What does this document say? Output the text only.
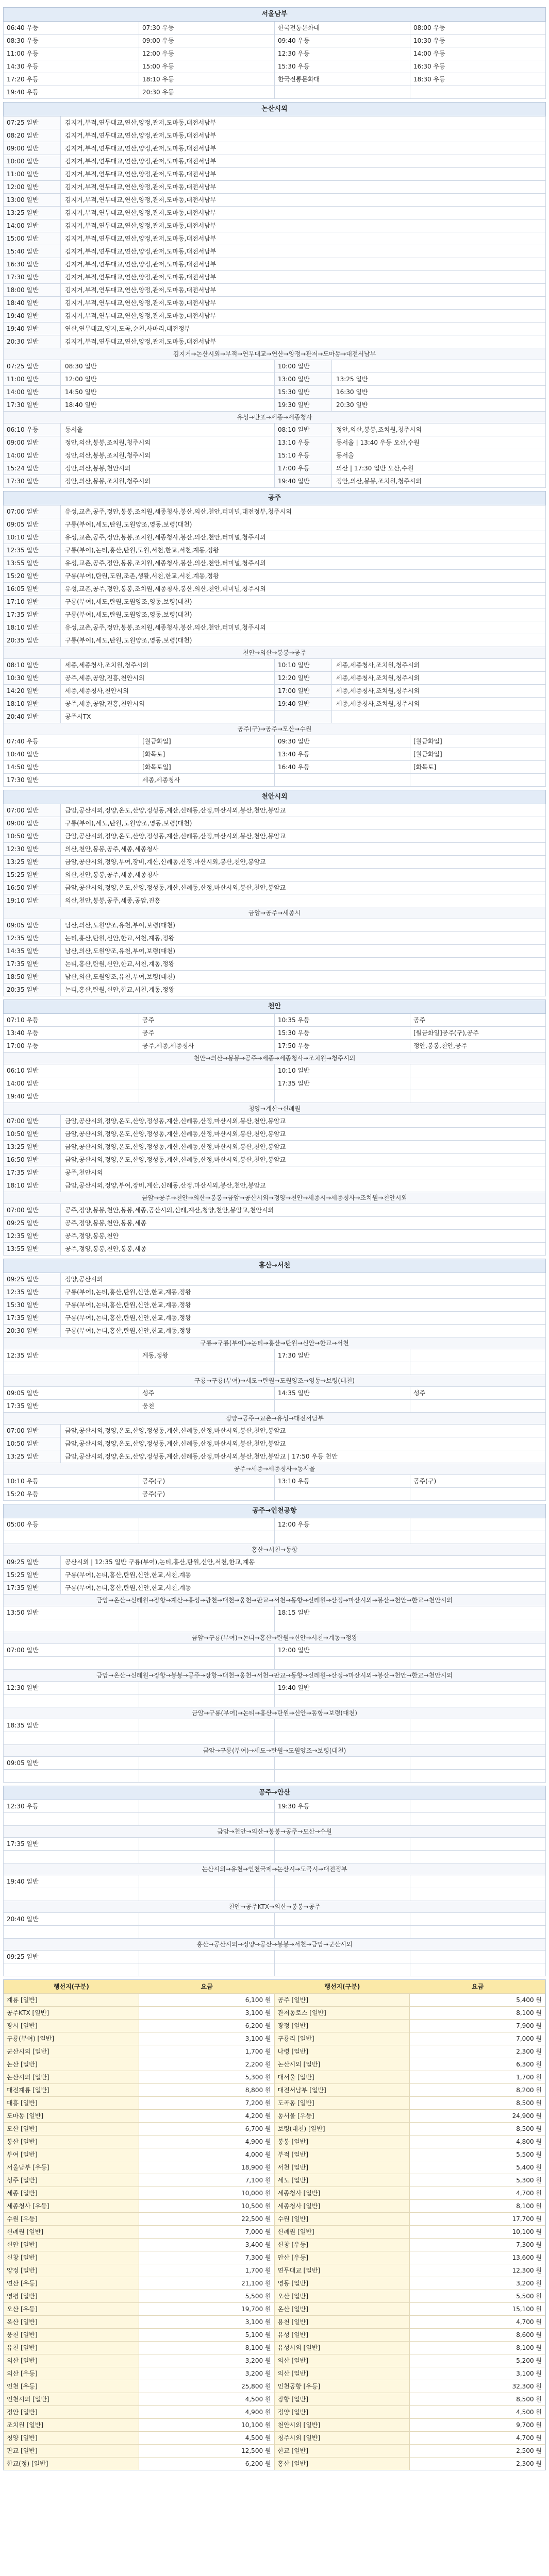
서울남부
06:40 우등	07:30 우등	한국전통문화대	08:00 우등
08:30 우등	09:00 우등	09:40 우등	10:30 우등
11:00 우등	12:00 우등	12:30 우등	14:00 우등
14:30 우등	15:00 우등	15:30 우등	16:30 우등
17:20 우등	18:10 우등	한국전통문화대	18:30 우등
19:40 우등	20:30 우등
논산시외
07:25 일반	김지거,부적,연무대교,연산,양정,관저,도마동,대전서남부
08:20 일반	김지거,부적,연무대교,연산,양정,관저,도마동,대전서남부
09:00 일반	김지거,부적,연무대교,연산,양정,관저,도마동,대전서남부
10:00 일반	김지거,부적,연무대교,연산,양정,관저,도마동,대전서남부
11:00 일반	김지거,부적,연무대교,연산,양정,관저,도마동,대전서남부
12:00 일반	김지거,부적,연무대교,연산,양정,관저,도마동,대전서남부
13:00 일반	김지거,부적,연무대교,연산,양정,관저,도마동,대전서남부
13:25 일반	김지거,부적,연무대교,연산,양정,관저,도마동,대전서남부
14:00 일반	김지거,부적,연무대교,연산,양정,관저,도마동,대전서남부
15:00 일반	김지거,부적,연무대교,연산,양정,관저,도마동,대전서남부
15:40 일반	김지거,부적,연무대교,연산,양정,관저,도마동,대전서남부
16:30 일반	김지거,부적,연무대교,연산,양정,관저,도마동,대전서남부
17:30 일반	김지거,부적,연무대교,연산,양정,관저,도마동,대전서남부
18:00 일반	김지거,부적,연무대교,연산,양정,관저,도마동,대전서남부
18:40 일반	김지거,부적,연무대교,연산,양정,관저,도마동,대전서남부
19:40 일반	김지거,부적,연무대교,연산,양정,관저,도마동,대전서남부
19:40 일반	연산,연무대교,양지,도곡,순천,사마리,대전정부
20:30 일반	김지거,부적,연무대교,연산,양정,관저,도마동,대전서남부
김지거→논산시외→부적→연무대교→연산→양정→관저→도마동→대전서남부
07:25 일반	08:30 일반	10:00 일반
11:00 일반	12:00 일반	13:00 일반	13:25 일반
14:00 일반	14:50 일반	15:30 일반	16:30 일반
17:30 일반	18:40 일반	19:30 일반	20:30 일반
유성→반포→세종→세종청사
06:10 우등	동서울	08:10 일반	정안,의산,봉봉,조치원,청주시외
09:00 일반	정안,의산,봉봉,조치원,청주시외	13:10 우등	동서울 | 13:40 우등 오산,수원
14:00 일반	정안,의산,봉봉,조치원,청주시외	15:10 우등	동서울
15:24 일반	정안,의산,봉봉,천안시외	17:00 우등	의산 | 17:30 일반 오산,수원
17:30 일반	정안,의산,봉봉,조치원,청주시외	19:40 일반	정안,의산,봉봉,조치원,청주시외
공주
07:00 일반	유성,교촌,공주,정안,봉봉,조치원,세종청사,봉산,의산,천안,터미널,대전정부,청주시외
09:05 일반	구룡(부여),세도,탄원,도원양조,영동,보령(대천)
10:10 일반	유성,교촌,공주,정안,봉봉,조치원,세종청사,봉산,의산,천안,터미널,청주시외
12:35 일반	구룡(부여),논티,홍산,탄원,도원,서천,한교,서천,계동,정왕
13:55 일반	유성,교촌,공주,정안,봉봉,조치원,세종청사,봉산,의산,천안,터미널,청주시외
15:20 일반	구룡(부여),탄원,도원,조촌,생활,서천,한교,서천,계동,정왕
16:05 일반	유성,교촌,공주,정안,봉봉,조치원,세종청사,봉산,의산,천안,터미널,청주시외
17:10 일반	구룡(부여),세도,탄원,도원양조,영동,보령(대천)
17:35 일반	구룡(부여),세도,탄원,도원양조,영동,보령(대천)
18:10 일반	유성,교촌,공주,정안,봉봉,조치원,세종청사,봉산,의산,천안,터미널,청주시외
20:35 일반	구룡(부여),세도,탄원,도원양조,영동,보령(대천)
천안→의산→봉봉→공주
08:10 일반	세종,세종청사,조치원,청주시외	10:10 일반	세종,세종청사,조치원,청주시외
10:30 일반	공주,세종,공암,진흥,천안시외	12:20 일반	세종,세종청사,조치원,청주시외
14:20 일반	세종,세종청사,천안시외	17:00 일반	세종,세종청사,조치원,청주시외
18:10 일반	공주,세종,공암,진흥,천안시외	19:40 일반	세종,세종청사,조치원,청주시외
20:40 일반	공주시TX
공주(구)→공주→모산→수원
07:40 우등	[월금화일]	09:30 일반	[월금화일]
10:40 일반	[화목토]	13:40 우등	[월금화일]
14:50 일반	[화목토일]	16:40 우등	[화목토]
17:30 일반	세종,세종청사
천안시외
07:00 일반	금암,공산시외,정양,온도,산양,정성동,계산,신례동,산정,마산시외,봉산,천안,봉암교
09:00 일반	구룡(부여),세도,탄원,도원양조,영동,보령(대천)
10:50 일반	금암,공산시외,정양,온도,산양,정성동,계산,신례동,산정,마산시외,봉산,천안,봉암교
12:30 일반	의산,천안,봉봉,공주,세종,세종청사
13:25 일반	금암,공산시외,정양,부여,장비,계산,신례동,산정,마산시외,봉산,천안,봉암교
15:25 일반	의산,천안,봉봉,공주,세종,세종청사
16:50 일반	금암,공산시외,정양,온도,산양,정성동,계산,신례동,산정,마산시외,봉산,천안,봉암교
19:10 일반	의산,천안,봉봉,공주,세종,공암,진흥
금암→공주→세종시
09:05 일반	남산,의산,도원양조,유천,부여,보령(대천)
12:35 일반	논티,홍산,탄원,신안,한교,서천,계동,정왕
14:35 일반	남산,의산,도원양조,유천,부여,보령(대천)
17:35 일반	논티,홍산,탄원,신안,한교,서천,계동,정왕
18:50 일반	남산,의산,도원양조,유천,부여,보령(대천)
20:35 일반	논티,홍산,탄원,신안,한교,서천,계동,정왕
천안
07:10 우등	공주	10:35 우등	공주
13:40 우등	공주	15:30 우등	[월금화일]공주(구),공주
17:00 우등	공주,세종,세종청사	17:50 우등	정안,봉봉,천안,공주
천안→의산→봉봉→공주→세종→세종청사→조치원→청주시외
06:10 일반	10:10 일반
14:00 일반	17:35 일반
19:40 일반
청양→계산→신례원
07:00 일반	금암,공산시외,정양,온도,산양,정성동,계산,신례동,산정,마산시외,봉산,천안,봉암교
10:50 일반	금암,공산시외,정양,온도,산양,정성동,계산,신례동,산정,마산시외,봉산,천안,봉암교
13:25 일반	금암,공산시외,정양,온도,산양,정성동,계산,신례동,산정,마산시외,봉산,천안,봉암교
16:50 일반	금암,공산시외,정양,온도,산양,정성동,계산,신례동,산정,마산시외,봉산,천안,봉암교
17:35 일반	공주,천안시외
18:10 일반	금암,공산시외,정양,부여,장비,계산,신례동,산정,마산시외,봉산,천안,봉암교
금암→공주→천안→의산→봉봉→금암→공산시외→정양→천안→세종시→세종청사→조치원→천안시외
07:00 일반	공주,정양,봉봉,천안,봉봉,세종,공산시외,신례,계산,청양,천안,봉암교,천안시외
09:25 일반	공주,정양,봉봉,천안,봉봉,세종
12:35 일반	공주,정양,봉봉,천안
13:55 일반	공주,정양,봉봉,천안,봉봉,세종
홍산→서천
09:25 일반	정양,공산시외
12:35 일반	구룡(부여),논티,홍산,탄원,신안,한교,계동,정왕
15:30 일반	구룡(부여),논티,홍산,탄원,신안,한교,계동,정왕
17:35 일반	구룡(부여),논티,홍산,탄원,신안,한교,계동,정왕
20:30 일반	구룡(부여),논티,홍산,탄원,신안,한교,계동,정왕
구룡→구룡(부여)→논티→홍산→탄원→신안→한교→서천
12:35 일반	계동,정왕	17:30 일반
구룡→구룡(부여)→세도→탄원→도원양조→영동→보령(대천)
09:05 일반	성주	14:35 일반	성주
17:35 일반	웅천
정양→공주→교촌→유성→대전서남부
07:00 일반	금암,공산시외,정양,온도,산양,정성동,계산,신례동,산정,마산시외,봉산,천안,봉암교
10:50 일반	금암,공산시외,정양,온도,산양,정성동,계산,신례동,산정,마산시외,봉산,천안,봉암교
13:25 일반	금암,공산시외,정양,온도,산양,정성동,계산,신례동,산정,마산시외,봉산,천안,봉암교 | 17:50 우등 천안
공주→세종→세종청사→동서울
10:10 우등	공주(구)	13:10 우등	공주(구)
15:20 우등	공주(구)
공주→인천공항
05:00 우등	12:00 우등
홍산→서천→동항
09:25 일반	공산시외 | 12:35 일반 구룡(부여),논티,홍산,탄원,신안,서천,한교,계동
15:25 일반	구룡(부여),논티,홍산,탄원,신안,한교,서천,계동
17:35 일반	구룡(부여),논티,홍산,탄원,신안,한교,서천,계동
금암→온산→신례원→장항→계산→홍성→광천→대천→웅천→판교→서천→동항→신례원→산정→마산시외→봉산→천안→한교→천안시외
13:50 일반	18:15 일반
금암→구룡(부여)→논티→홍산→탄원→신안→서천→계동→정왕
07:00 일반	12:00 일반
금암→온산→신례원→장항→봉봉→공주→장항→대천→웅천→서천→판교→동항→신례원→산정→마산시외→봉산→천안→한교→천안시외
12:30 일반	19:40 일반
금암→구룡(부여)→논티→홍산→탄원→신안→동항→보령(대천)
18:35 일반
금암→구룡(부여)→세도→탄원→도원양조→보령(대천)
09:05 일반
공주→안산
12:30 우등	19:30 우등
금암→천안→의산→봉봉→공주→모산→수원
17:35 일반
논산시외→유천→인천국제→논산시→도곡시→대전정부
19:40 일반
천안→공주KTX→의산→봉봉→공주
20:40 일반
홍산→공산시외→정양→공산→봉봉→서천→금암→군산시외
09:25 일반
행선지(구분)	요금	행선지(구분)	요금
계룡 [일반]	6,100 원	공주 [일반]	5,400 원
공주KTX [일반]	3,100 원	관저동로스 [일반]	8,100 원
광시 [일반]	6,200 원	광정 [일반]	7,900 원
구룡(부여) [일반]	3,100 원	구룡리 [일반]	7,000 원
군산시외 [일반]	1,700 원	나령 [일반]	2,300 원
논산 [일반]	2,200 원	논산시외 [일반]	6,300 원
논산시외 [일반]	5,300 원	대서울 [일반]	1,700 원
대전계룡 [일반]	8,800 원	대전서남부 [일반]	8,200 원
대흥 [일반]	7,200 원	도곡동 [일반]	8,500 원
도마동 [일반]	4,200 원	동서울 [우등]	24,900 원
모산 [일반]	6,700 원	보령(대천) [일반]	8,500 원
봉산 [일반]	4,900 원	봉봉 [일반]	4,800 원
부여 [일반]	4,000 원	부적 [일반]	5,500 원
서울남부 [우등]	18,900 원	서천 [일반]	5,400 원
성주 [일반]	7,100 원	세도 [일반]	5,300 원
세종 [일반]	10,000 원	세종청사 [일반]	4,700 원
세종청사 [우등]	10,500 원	세종청사 [일반]	8,100 원
수원 [우등]	22,500 원	수원 [일반]	17,700 원
신례원 [일반]	7,000 원	신례원 [일반]	10,100 원
신안 [일반]	3,400 원	신창 [우등]	7,300 원
신창 [일반]	7,300 원	안산 [우등]	13,600 원
양정 [일반]	1,700 원	연무대교 [일반]	12,300 원
연산 [우등]	21,100 원	영동 [일반]	3,200 원
영평 [일반]	5,500 원	오산 [일반]	5,500 원
오산 [우등]	19,700 원	온산 [일반]	15,100 원
옥산 [일반]	3,100 원	용천 [일반]	4,700 원
웅천 [일반]	5,100 원	유성 [일반]	8,600 원
유천 [일반]	8,100 원	유성시외 [일반]	8,100 원
의산 [일반]	3,200 원	의산 [일반]	5,200 원
의산 [우등]	3,200 원	의산 [일반]	3,100 원
인천 [우등]	25,800 원	인천공항 [우등]	32,300 원
인천시외 [일반]	4,500 원	장항 [일반]	8,500 원
정안 [일반]	4,900 원	정양 [일반]	4,500 원
조치원 [일반]	10,100 원	천안시외 [일반]	9,700 원
청양 [일반]	4,500 원	청주시외 [일반]	4,700 원
판교 [일반]	12,500 원	한교 [일반]	2,500 원
한교(정) [일반]	6,200 원	홍산 [일반]	2,300 원
